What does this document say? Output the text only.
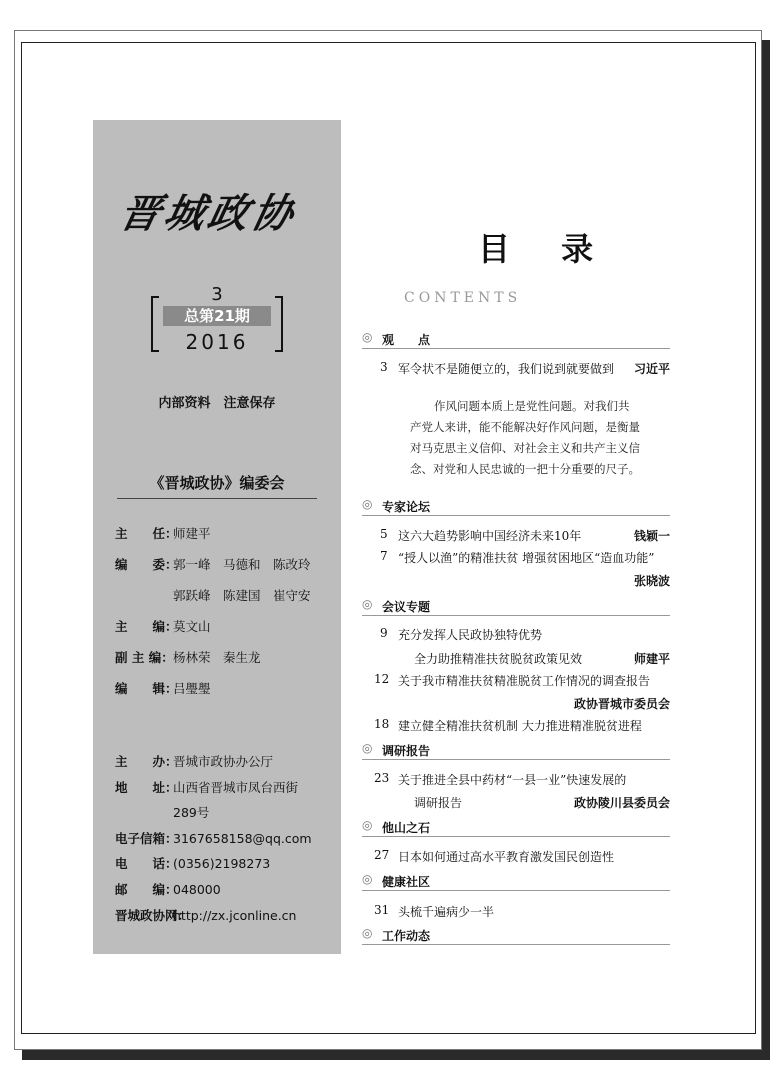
晋城政协
3
总第21期
2016
内部资料　注意保存
《晋城政协》编委会
主　　任：师建平
编　　委：郭一峰　马德和　陈改玲
郭跃峰　陈建国　崔守安
主　　编：莫文山
副 主 编：杨林荣　秦生龙
编　　辑：吕璺璺
主　　办：晋城市政协办公厅
地　　址：山西省晋城市凤台西街
289号
电子信箱：3167658158@qq.com
电　　话：(0356)2198273
邮　　编：048000
晋城政协网：http://zx.jconline.cn
目 录
CONTENTS
◎ 观　　点
3 军令状不是随便立的，我们说到就要做到 习近平
作风问题本质上是党性问题。对我们共
产党人来讲，能不能解决好作风问题，是衡量
对马克思主义信仰、对社会主义和共产主义信
念、对党和人民忠诚的一把十分重要的尺子。
◎ 专家论坛
5 这六大趋势影响中国经济未来10年	钱颖一
7 “授人以渔”的精准扶贫 增强贫困地区“造血功能”
张晓波
◎ 会议专题
9 充分发挥人民政协独特优势
全力助推精准扶贫脱贫政策见效	师建平
12 关于我市精准扶贫精准脱贫工作情况的调查报告
政协晋城市委员会
18 建立健全精准扶贫机制 大力推进精准脱贫进程
◎ 调研报告
23 关于推进全县中药材“一县一业”快速发展的
调研报告	政协陵川县委员会
◎ 他山之石
27 日本如何通过高水平教育激发国民创造性
◎ 健康社区
31 头梳千遍病少一半
◎ 工作动态
